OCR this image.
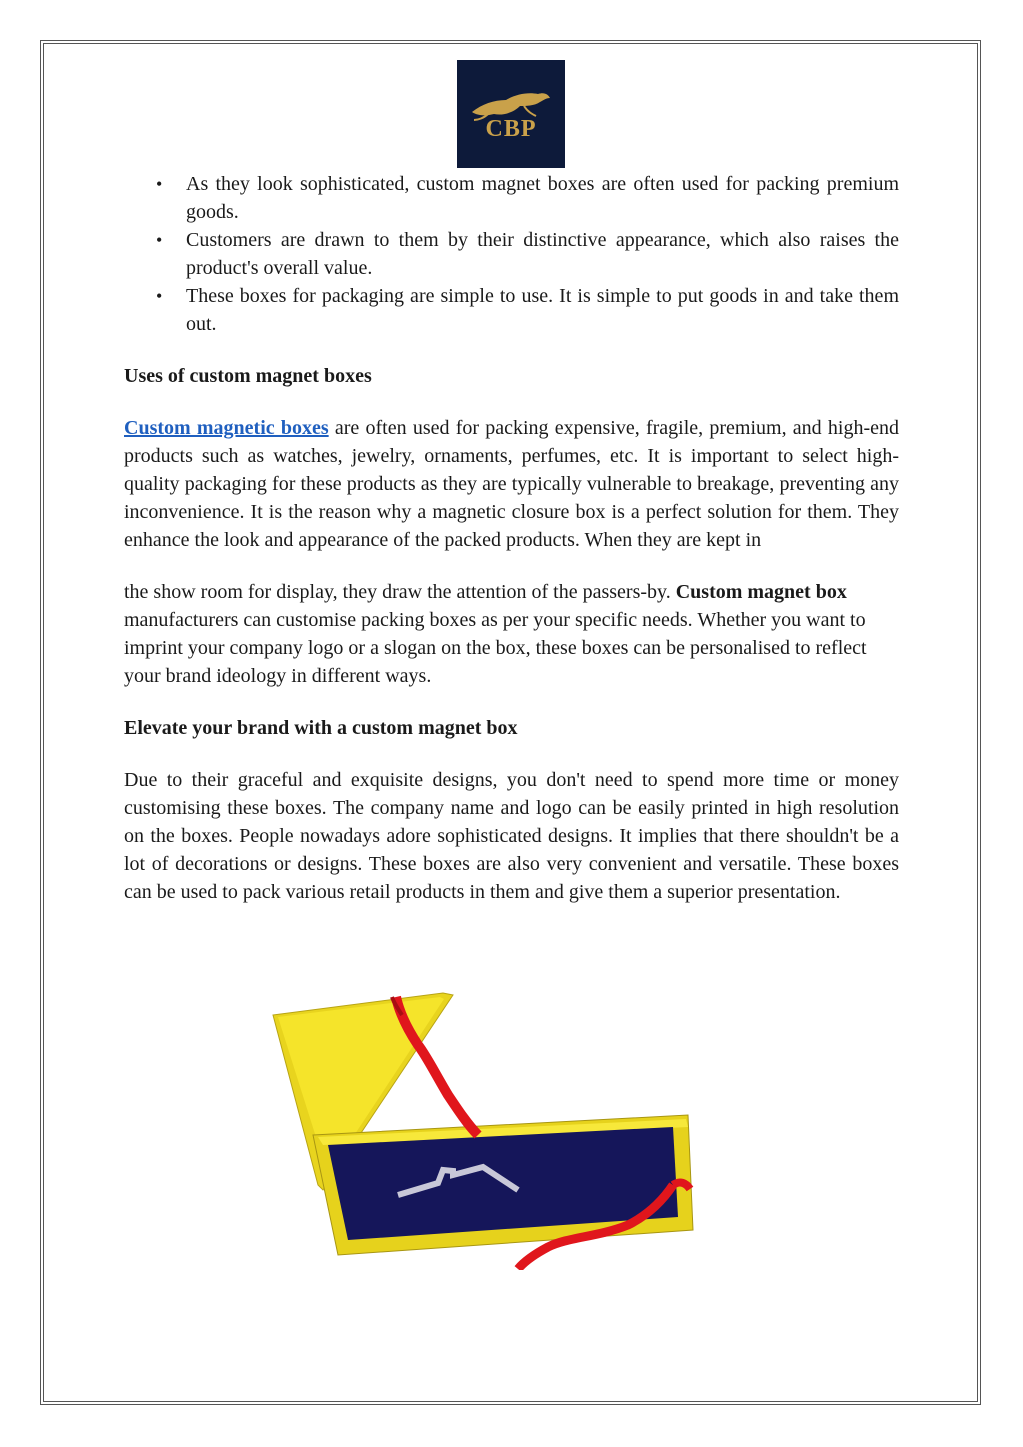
CBP
• As they look sophisticated, custom magnet boxes are often used for packing premium goods.
• Customers are drawn to them by their distinctive appearance, which also raises the product's overall value.
• These boxes for packaging are simple to use. It is simple to put goods in and take them out.

Uses of custom magnet boxes

Custom magnetic boxes are often used for packing expensive, fragile, premium, and high-end products such as watches, jewelry, ornaments, perfumes, etc. It is important to select high-quality packaging for these products as they are typically vulnerable to breakage, preventing any inconvenience. It is the reason why a magnetic closure box is a perfect solution for them. They enhance the look and appearance of the packed products. When they are kept in

the show room for display, they draw the attention of the passers-by. Custom magnet box manufacturers can customise packing boxes as per your specific needs. Whether you want to imprint your company logo or a slogan on the box, these boxes can be personalised to reflect your brand ideology in different ways.

Elevate your brand with a custom magnet box

Due to their graceful and exquisite designs, you don't need to spend more time or money customising these boxes. The company name and logo can be easily printed in high resolution on the boxes. People nowadays adore sophisticated designs. It implies that there shouldn't be a lot of decorations or designs. These boxes are also very convenient and versatile. These boxes can be used to pack various retail products in them and give them a superior presentation.
